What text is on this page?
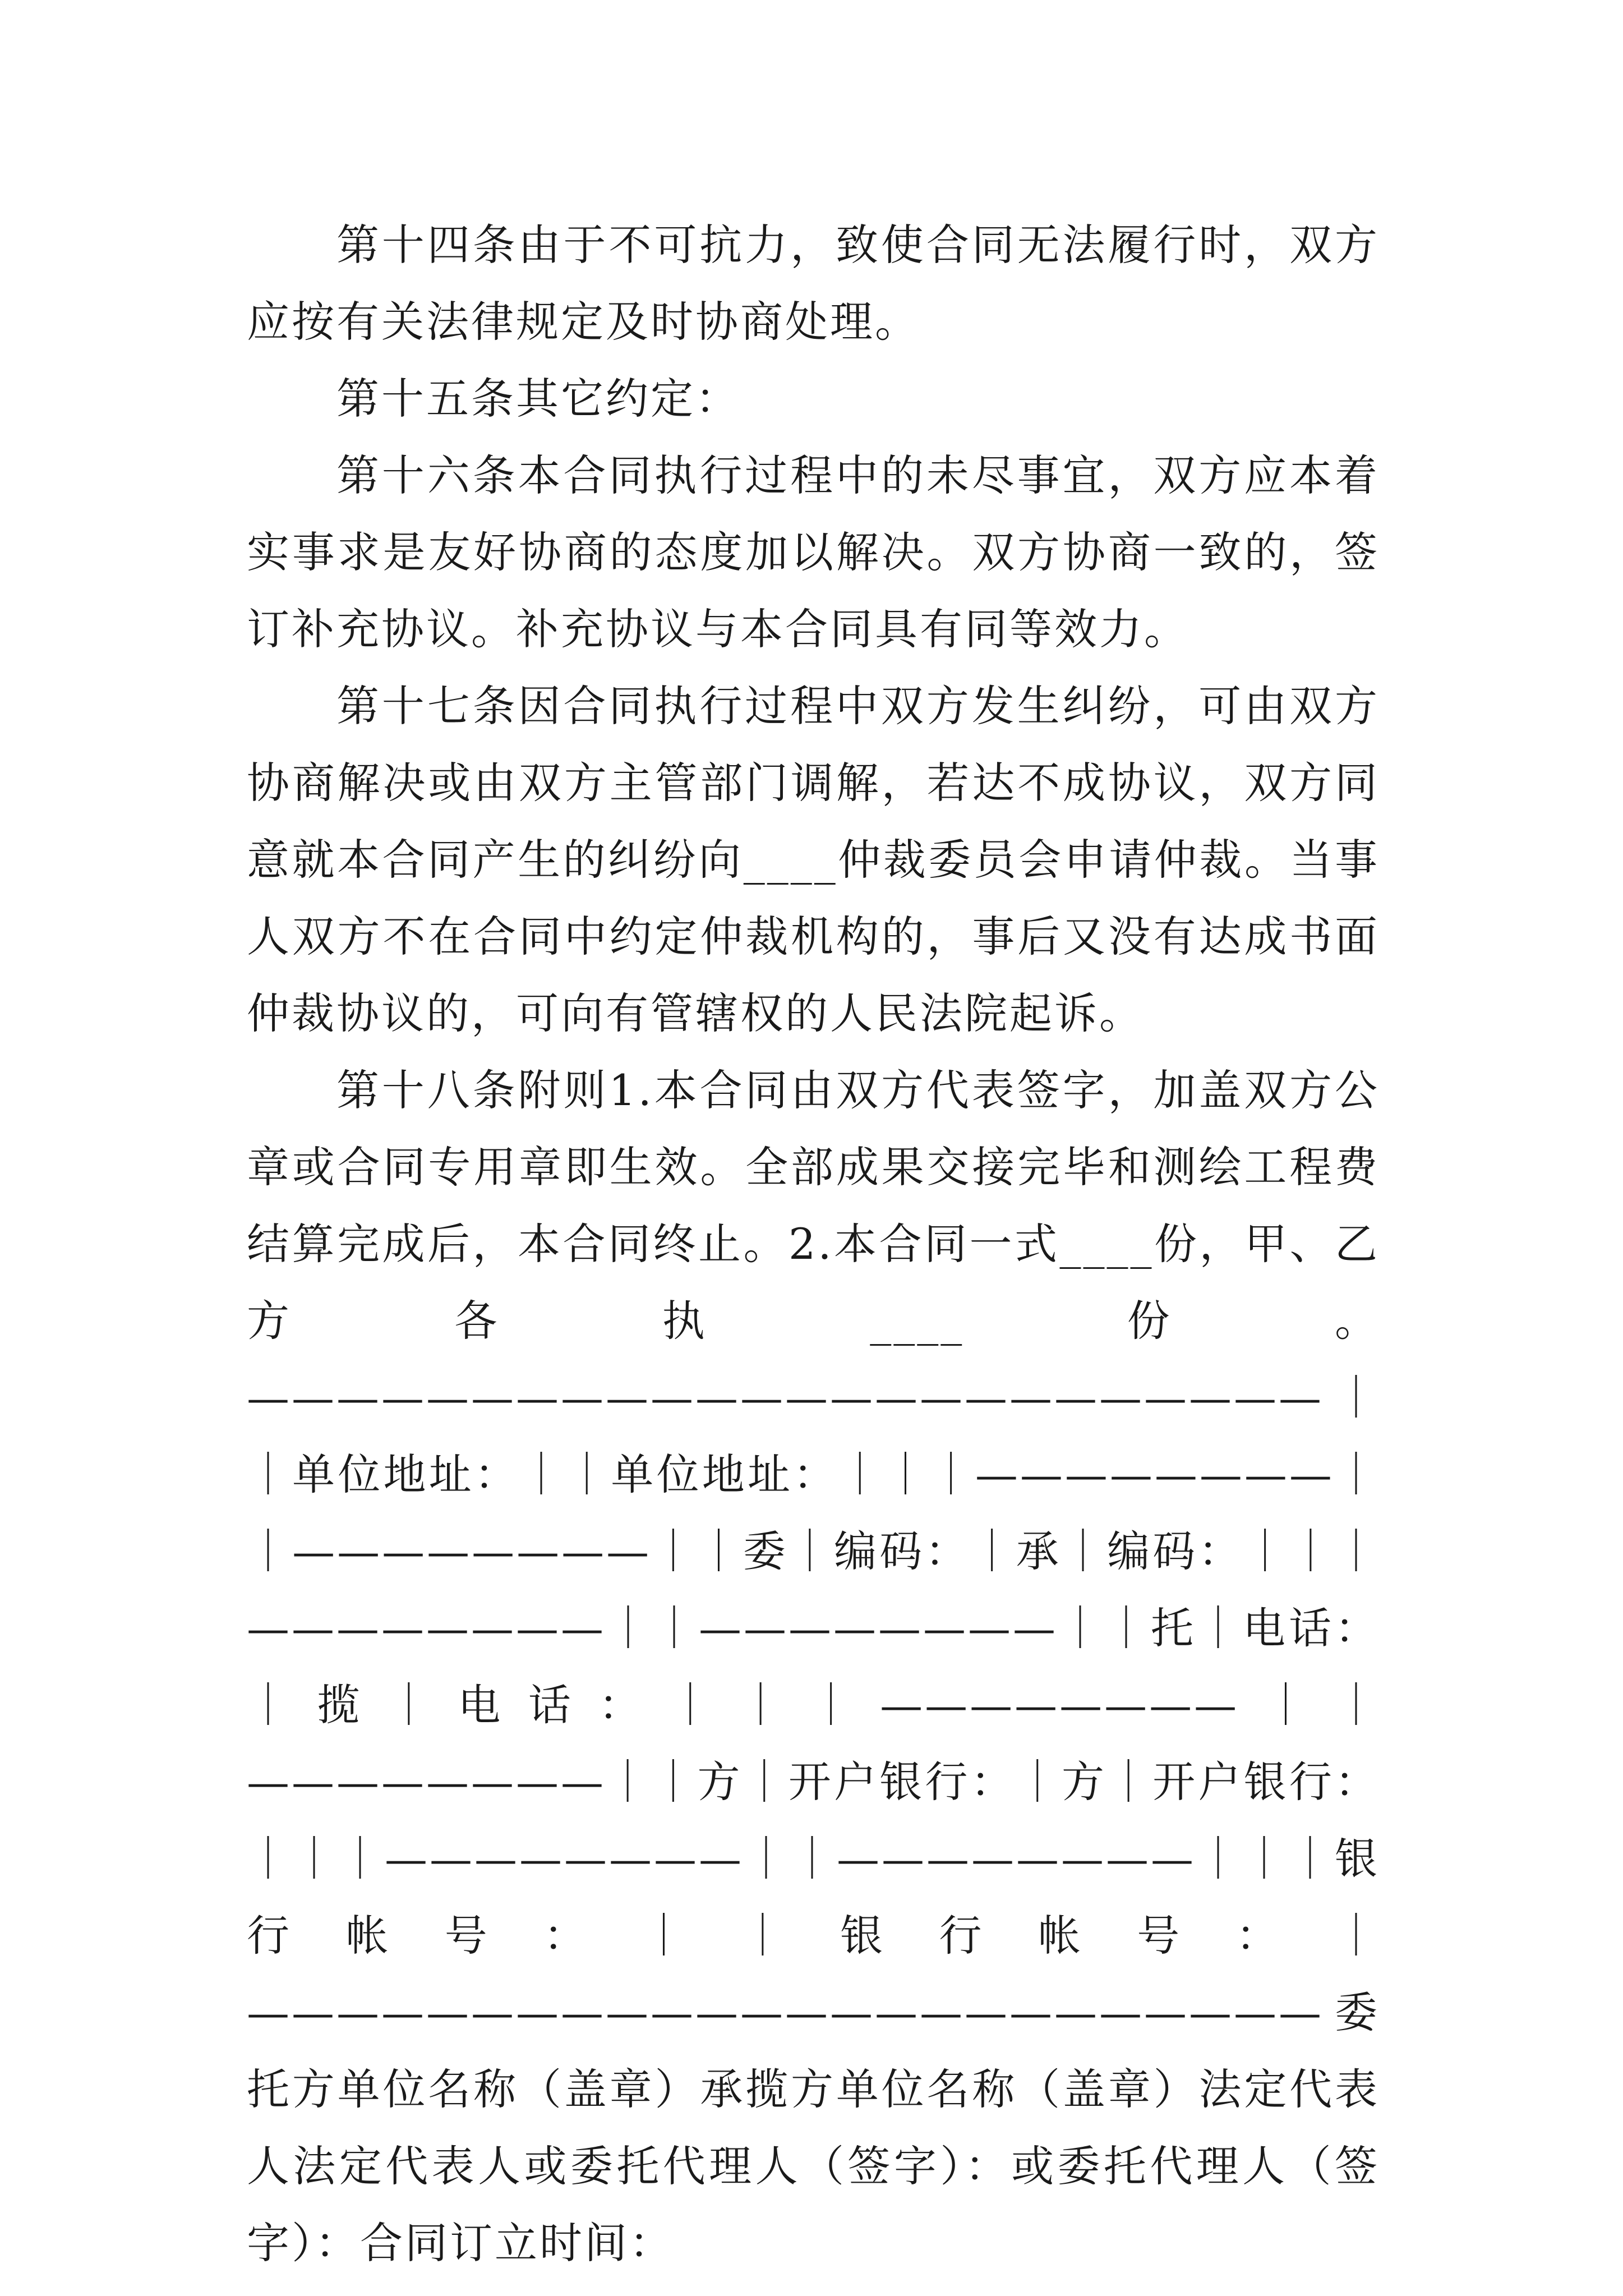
第十四条由于不可抗力，致使合同无法履行时，双方应按有关法律规定及时协商处理。

第十五条其它约定：

第十六条本合同执行过程中的未尽事宜，双方应本着实事求是友好协商的态度加以解决。双方协商一致的，签订补充协议。补充协议与本合同具有同等效力。

第十七条因合同执行过程中双方发生纠纷，可由双方协商解决或由双方主管部门调解，若达不成协议，双方同意就本合同产生的纠纷向____仲裁委员会申请仲裁。当事人双方不在合同中约定仲裁机构的，事后又没有达成书面仲裁协议的，可向有管辖权的人民法院起诉。

第十八条附则1.本合同由双方代表签字，加盖双方公章或合同专用章即生效。全部成果交接完毕和测绘工程费结算完成后，本合同终止。2.本合同一式____份，甲、乙方各执____份。————————————————————————｜｜单位地址：｜｜单位地址：｜｜｜————————｜｜————————｜｜委｜编码：｜承｜编码：｜｜｜————————｜｜————————｜｜托｜电话：｜揽｜电话：｜｜｜————————｜｜————————｜｜方｜开户银行：｜方｜开户银行：｜｜｜————————｜｜————————｜｜｜银行帐号：｜｜银行帐号：｜————————————————————————委托方单位名称（盖章）承揽方单位名称（盖章）法定代表人法定代表人或委托代理人（签字）：或委托代理人（签字）：合同订立时间：
